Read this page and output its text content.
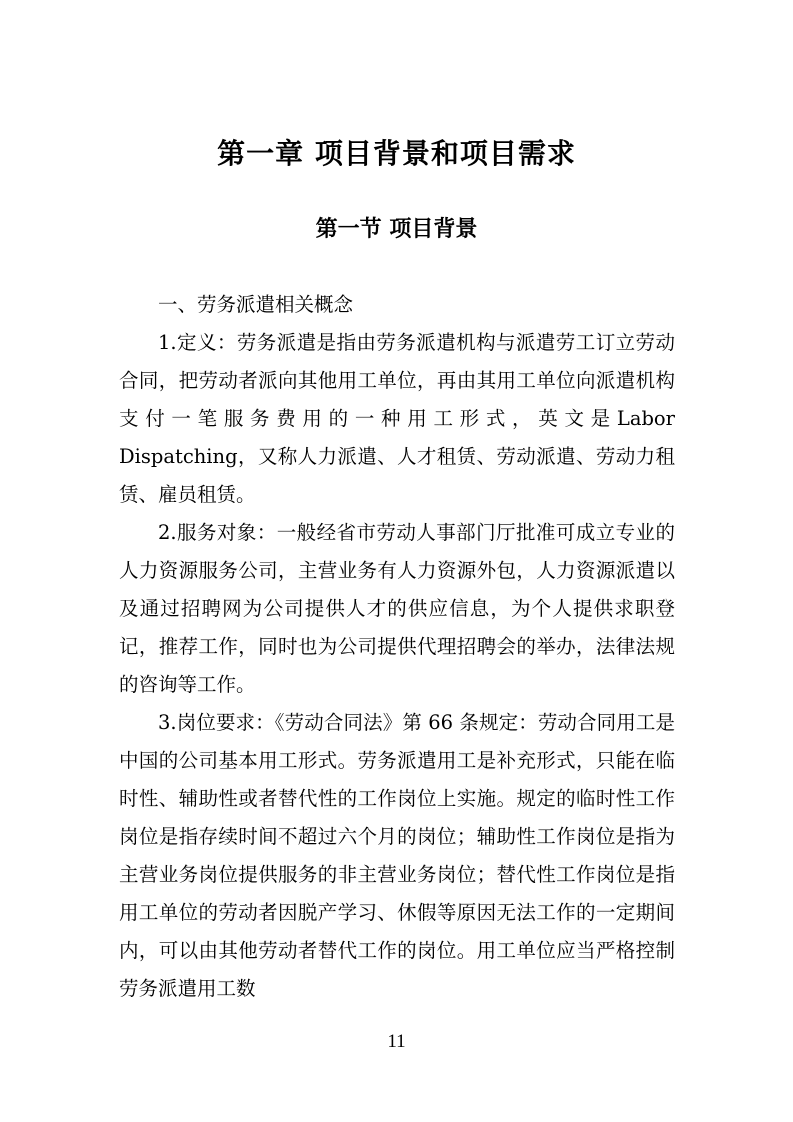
第一章 项目背景和项目需求
第一节 项目背景

一、劳务派遣相关概念

1.定义：劳务派遣是指由劳务派遣机构与派遣劳工订立劳动合同，把劳动者派向其他用工单位，再由其用工单位向派遣机构支付一笔服务费用的一种用工形式，英文是Labor Dispatching，又称人力派遣、人才租赁、劳动派遣、劳动力租赁、雇员租赁。

2.服务对象：一般经省市劳动人事部门厅批准可成立专业的人力资源服务公司，主营业务有人力资源外包，人力资源派遣以及通过招聘网为公司提供人才的供应信息，为个人提供求职登记，推荐工作，同时也为公司提供代理招聘会的举办，法律法规的咨询等工作。

3.岗位要求：《劳动合同法》第 66 条规定：劳动合同用工是中国的公司基本用工形式。劳务派遣用工是补充形式，只能在临时性、辅助性或者替代性的工作岗位上实施。规定的临时性工作岗位是指存续时间不超过六个月的岗位；辅助性工作岗位是指为主营业务岗位提供服务的非主营业务岗位；替代性工作岗位是指用工单位的劳动者因脱产学习、休假等原因无法工作的一定期间内，可以由其他劳动者替代工作的岗位。用工单位应当严格控制劳务派遣用工数

11
